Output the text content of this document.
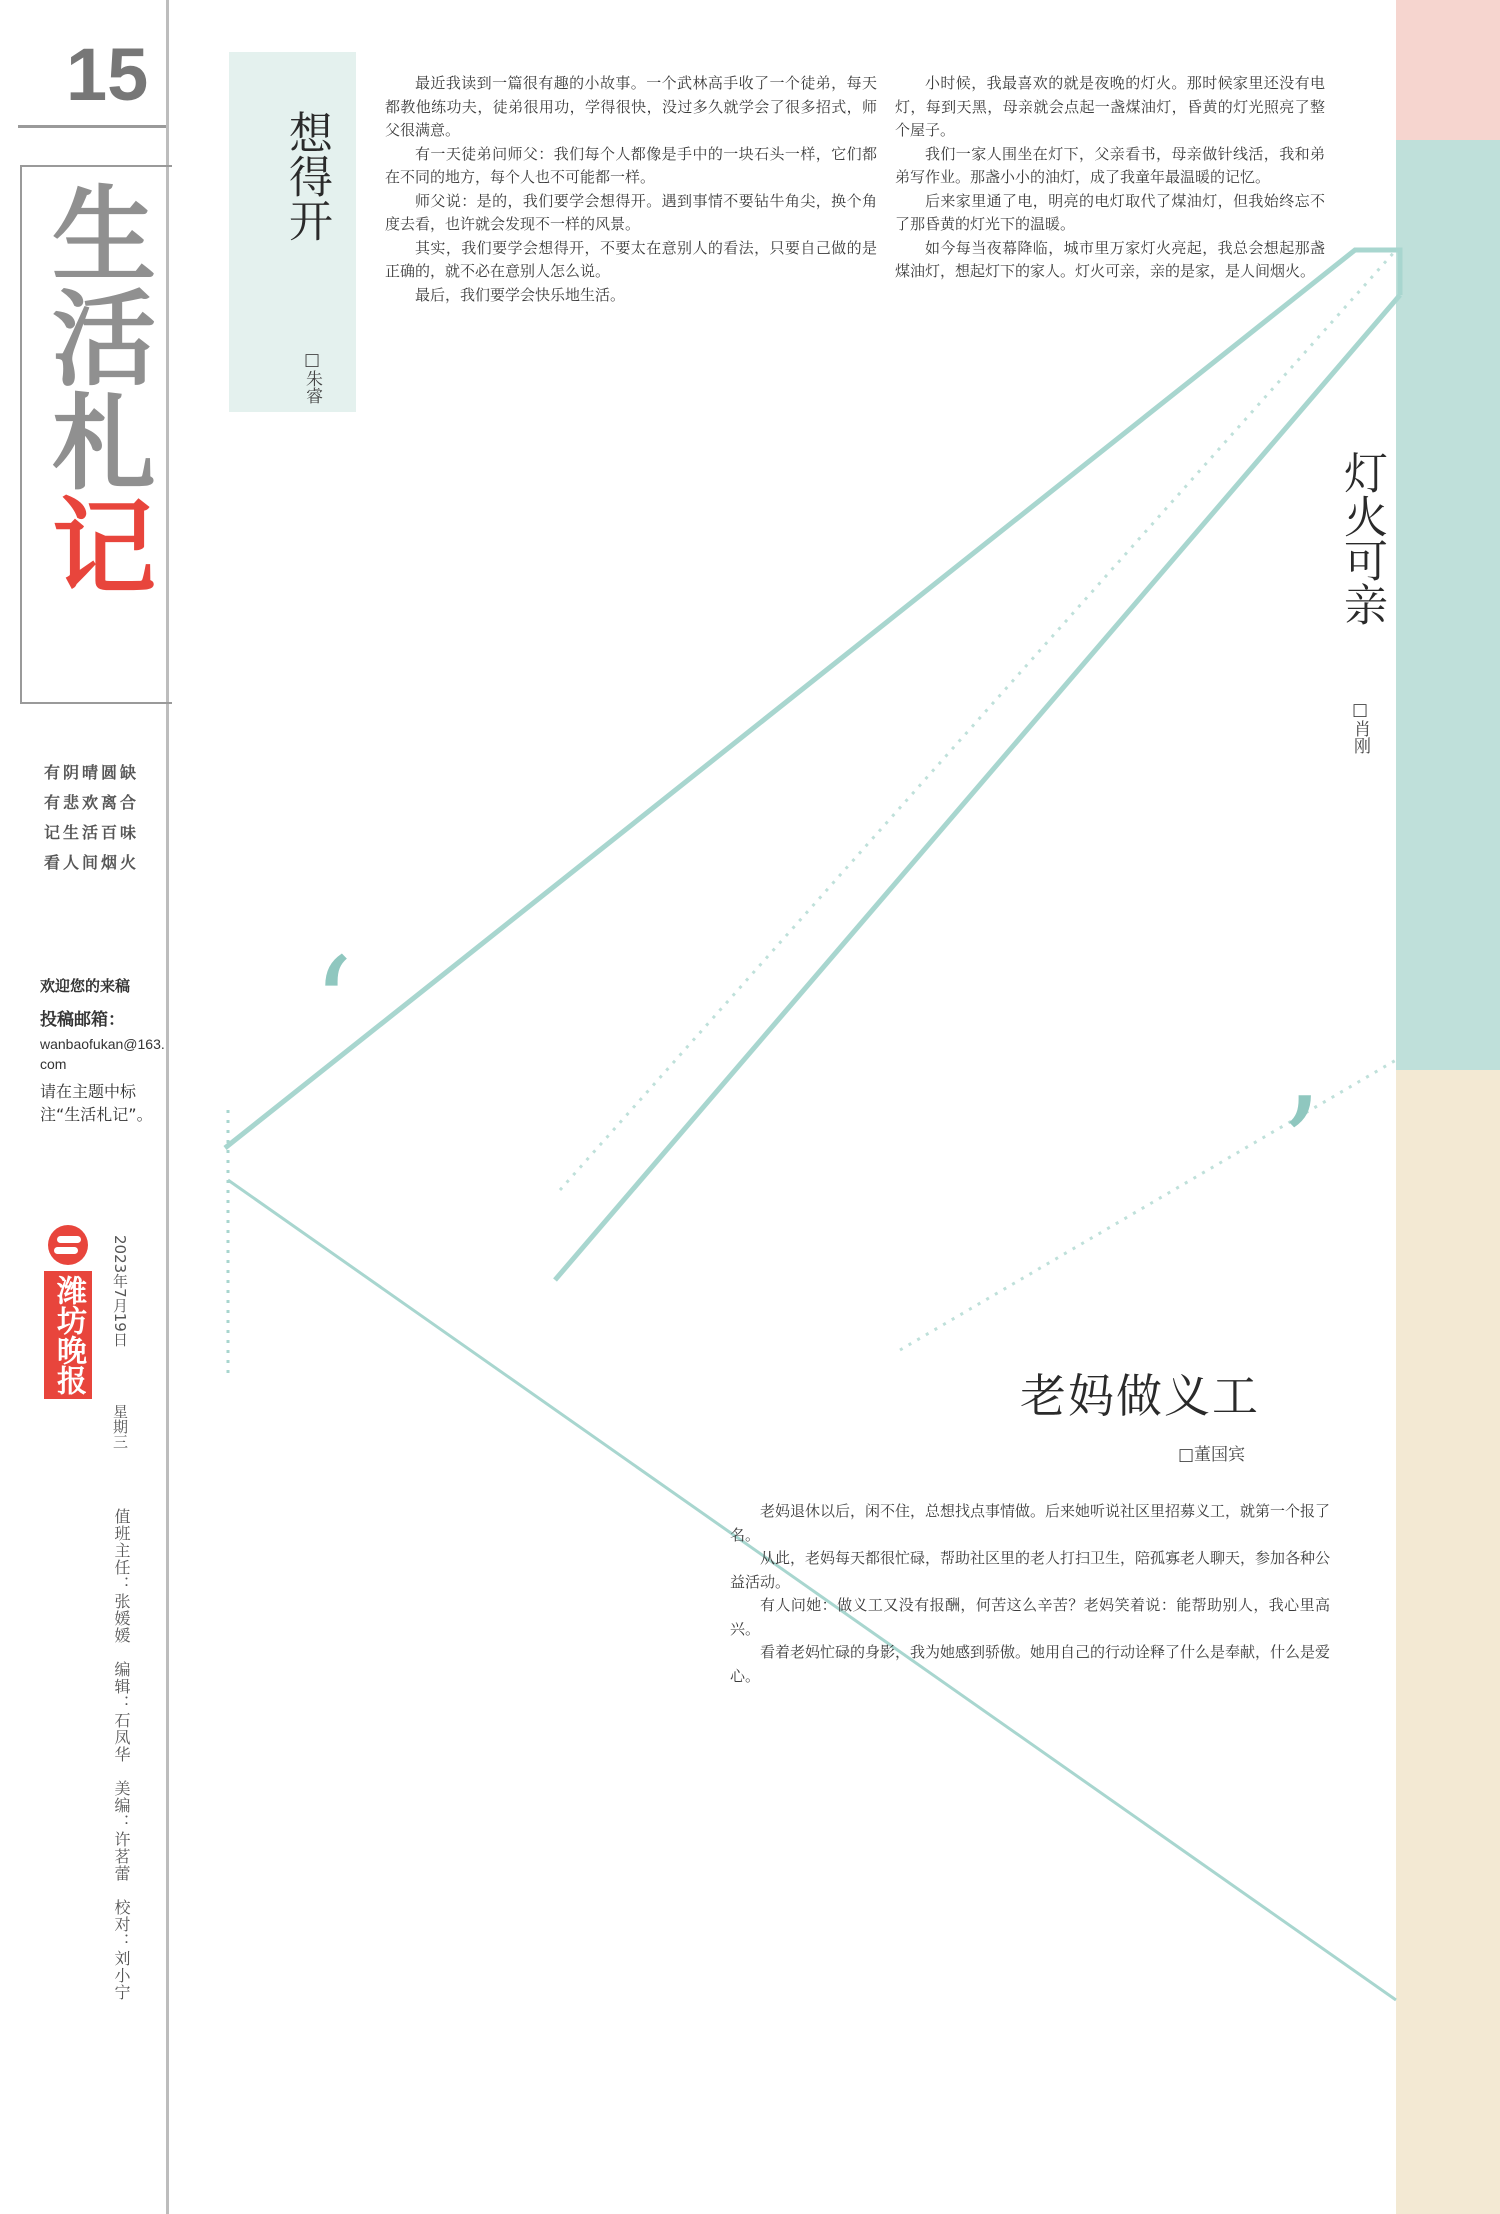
‘
’
15
生活札记
有阴晴圆缺
有悲欢离合
记生活百味
看人间烟火
欢迎您的来稿
投稿邮箱：
wanbaofukan@163.com
请在主题中标注“生活札记”。
潍坊晚报	2023年7月19日
星期三
值班主任：张媛媛　编辑：石凤华　美编：许茗蕾　校对：刘小宁
想得开
□朱睿

最近我读到一篇很有趣的小故事。一个武林高手收了一个徒弟，每天都教他练功夫，徒弟很用功，学得很快，没过多久就学会了很多招式，师父很满意。

有一天徒弟问师父：我们每个人都像是手中的一块石头一样，它们都在不同的地方，每个人也不可能都一样。

师父说：是的，我们要学会想得开。遇到事情不要钻牛角尖，换个角度去看，也许就会发现不一样的风景。

其实，我们要学会想得开，不要太在意别人的看法，只要自己做的是正确的，就不必在意别人怎么说。

最后，我们要学会快乐地生活。

灯火可亲
□肖刚

小时候，我最喜欢的就是夜晚的灯火。那时候家里还没有电灯，每到天黑，母亲就会点起一盏煤油灯，昏黄的灯光照亮了整个屋子。

我们一家人围坐在灯下，父亲看书，母亲做针线活，我和弟弟写作业。那盏小小的油灯，成了我童年最温暖的记忆。

后来家里通了电，明亮的电灯取代了煤油灯，但我始终忘不了那昏黄的灯光下的温暖。

如今每当夜幕降临，城市里万家灯火亮起，我总会想起那盏煤油灯，想起灯下的家人。灯火可亲，亲的是家，是人间烟火。

老妈做义工
□董国宾

老妈退休以后，闲不住，总想找点事情做。后来她听说社区里招募义工，就第一个报了名。

从此，老妈每天都很忙碌，帮助社区里的老人打扫卫生，陪孤寡老人聊天，参加各种公益活动。

有人问她：做义工又没有报酬，何苦这么辛苦？老妈笑着说：能帮助别人，我心里高兴。

看着老妈忙碌的身影，我为她感到骄傲。她用自己的行动诠释了什么是奉献，什么是爱心。
